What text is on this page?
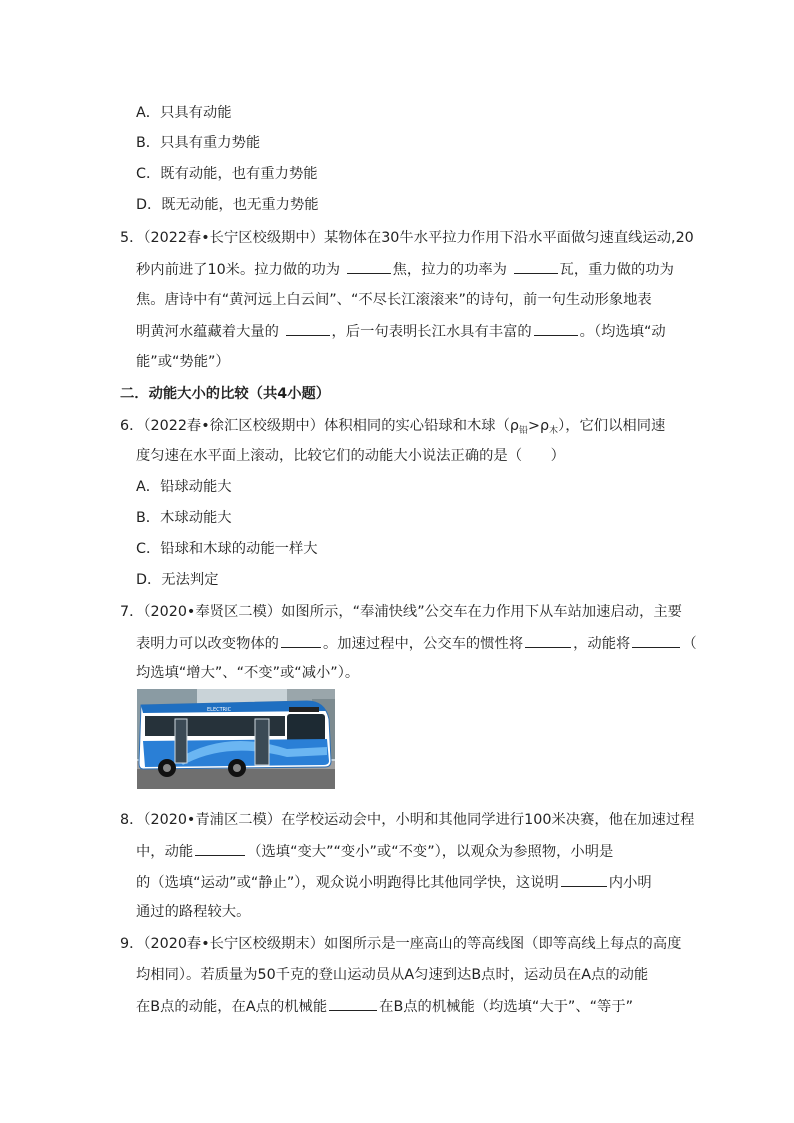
A．只具有动能
B．只具有重力势能
C．既有动能，也有重力势能
D．既无动能，也无重力势能
5．（2022春•长宁区校级期中）某物体在30牛水平拉力作用下沿水平面做匀速直线运动,20
秒内前进了10米。拉力做的功为	焦，拉力的功率为	瓦，重力做的功为
焦。唐诗中有“黄河远上白云间”、“不尽长江滚滚来”的诗句，前一句生动形象地表
明黄河水蕴藏着大量的	，后一句表明长江水具有丰富的	。（均选填“动
能”或“势能”）
二．动能大小的比较（共4小题）
6．（2022春•徐汇区校级期中）体积相同的实心铅球和木球$(\rho_铅>\rho_木)$，它们以相同速
度匀速在水平面上滚动，比较它们的动能大小说法正确的是（　　）
A．铅球动能大
B．木球动能大
C．铅球和木球的动能一样大
D．无法判定
7．（2020•奉贤区二模）如图所示，“奉浦快线”公交车在力作用下从车站加速启动，主要
表明力可以改变物体的	。加速过程中，公交车的惯性将	，动能将	（
均选填“增大”、“不变”或“减小”）。
ELECTRIC
8．（2020•青浦区二模）在学校运动会中，小明和其他同学进行100米决赛，他在加速过程
中，动能	（选填“变大”“变小”或“不变”），以观众为参照物，小明是
的（选填“运动”或“静止”），观众说小明跑得比其他同学快，这说明	内小明
通过的路程较大。
9．（2020春•长宁区校级期末）如图所示是一座高山的等高线图（即等高线上每点的高度
均相同）。若质量为50千克的登山运动员从A匀速到达B点时，运动员在A点的动能
在B点的动能，在A点的机械能	在B点的机械能（均选填“大于”、“等于”
